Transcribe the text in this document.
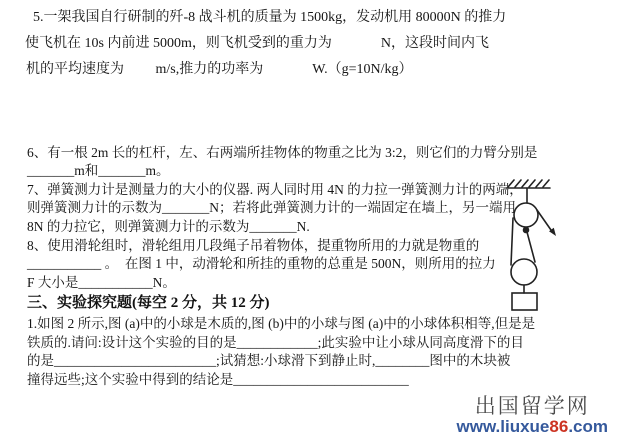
5.一架我国自行研制的歼-8 战斗机的质量为 1500kg，发动机用 80000N 的推力
使飞机在 10s 内前进 5000m，则飞机受到的重力为              N，这段时间内飞
机的平均速度为         m/s,推力的功率为              W.（g=10N/kg）
6、有一根 2m 长的杠杆，左、右两端所挂物体的物重之比为 3:2，则它们的力臂分别是
_______m和_______m。
7、弹簧测力计是测量力的大小的仪器. 两人同时用 4N 的力拉一弹簧测力计的两端，
则弹簧测力计的示数为_______N；若将此弹簧测力计的一端固定在墙上，另一端用
8N 的力拉它，则弹簧测力计的示数为_______N.
8、使用滑轮组时，滑轮组用几段绳子吊着物体，提重物所用的力就是物重的
___________ 。  在图 1 中，动滑轮和所挂的重物的总重是 500N，则所用的拉力
F 大小是___________N。
三、实验探究题(每空 2 分，共 12 分)
1.如图 2 所示,图 (a)中的小球是木质的,图 (b)中的小球与图 (a)中的小球体积相等,但是是
铁质的.请问:设计这个实验的目的是____________;此实验中让小球从同高度滑下的目
的是________________________;试猜想:小球滑下到静止时,________图中的木块被
撞得远些;这个实验中得到的结论是__________________________
出国留学网
www.liuxue86.com
